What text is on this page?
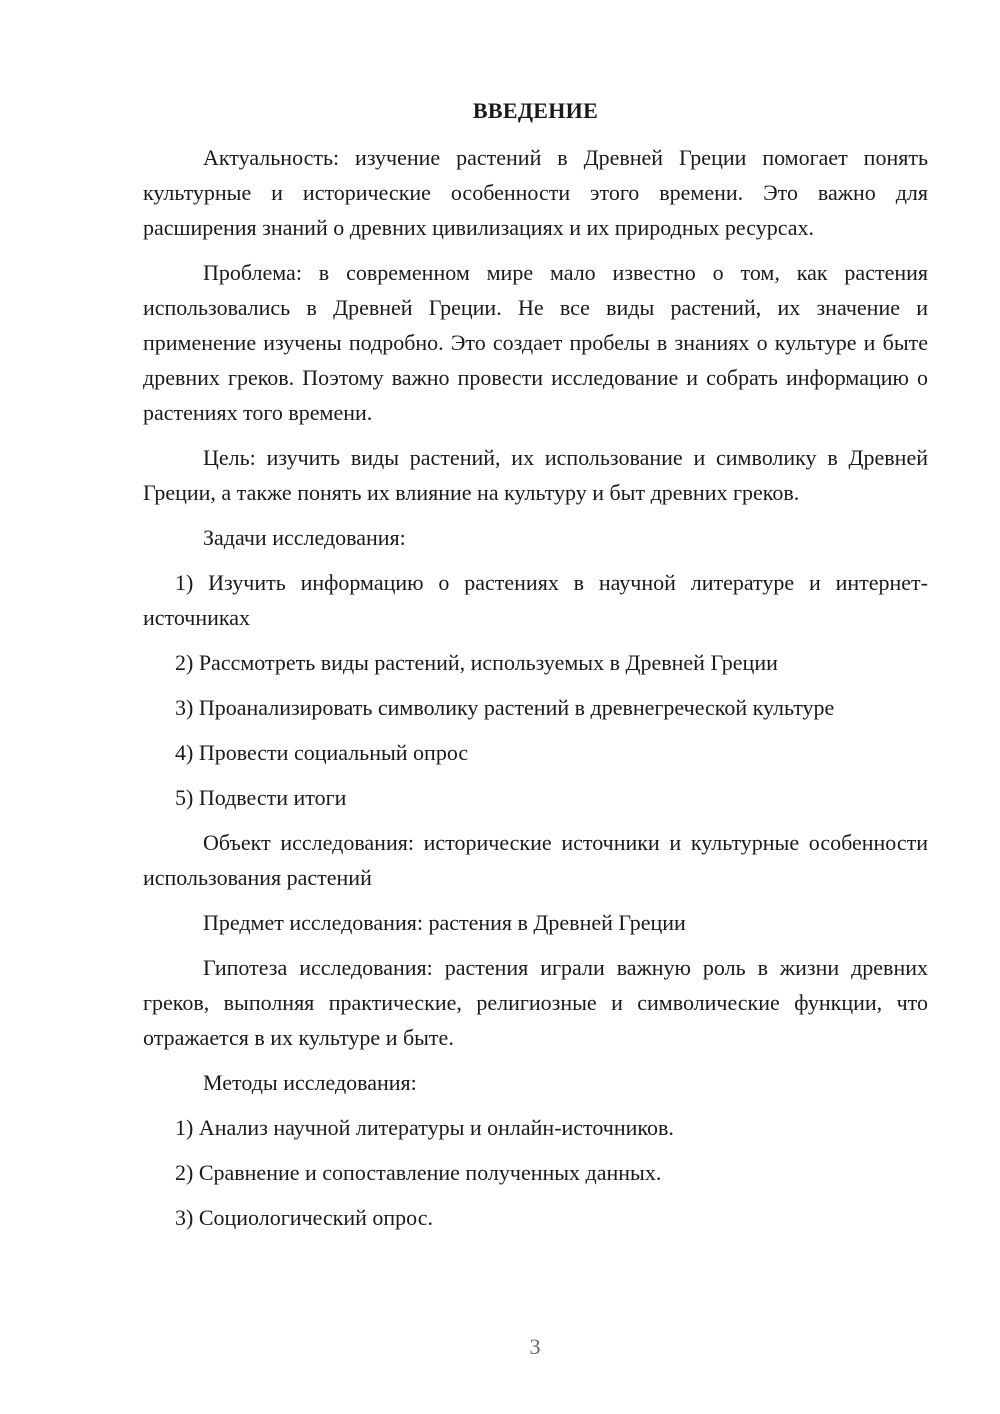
ВВЕДЕНИЕ

Актуальность: изучение растений в Древней Греции помогает понять культурные и исторические особенности этого времени. Это важно для расширения знаний о древних цивилизациях и их природных ресурсах.

Проблема: в современном мире мало известно о том, как растения использовались в Древней Греции. Не все виды растений, их значение и применение изучены подробно. Это создает пробелы в знаниях о культуре и быте древних греков. Поэтому важно провести исследование и собрать информацию о растениях того времени.

Цель: изучить виды растений, их использование и символику в Древней Греции, а также понять их влияние на культуру и быт древних греков.

Задачи исследования:

1) Изучить информацию о растениях в научной литературе и интернет-источниках

2) Рассмотреть виды растений, используемых в Древней Греции

3) Проанализировать символику растений в древнегреческой культуре

4) Провести социальный опрос

5) Подвести итоги

Объект исследования: исторические источники и культурные особенности использования растений

Предмет исследования: растения в Древней Греции

Гипотеза исследования: растения играли важную роль в жизни древних греков, выполняя практические, религиозные и символические функции, что отражается в их культуре и быте.

Методы исследования:

1) Анализ научной литературы и онлайн-источников.

2) Сравнение и сопоставление полученных данных.

3) Социологический опрос.

3
